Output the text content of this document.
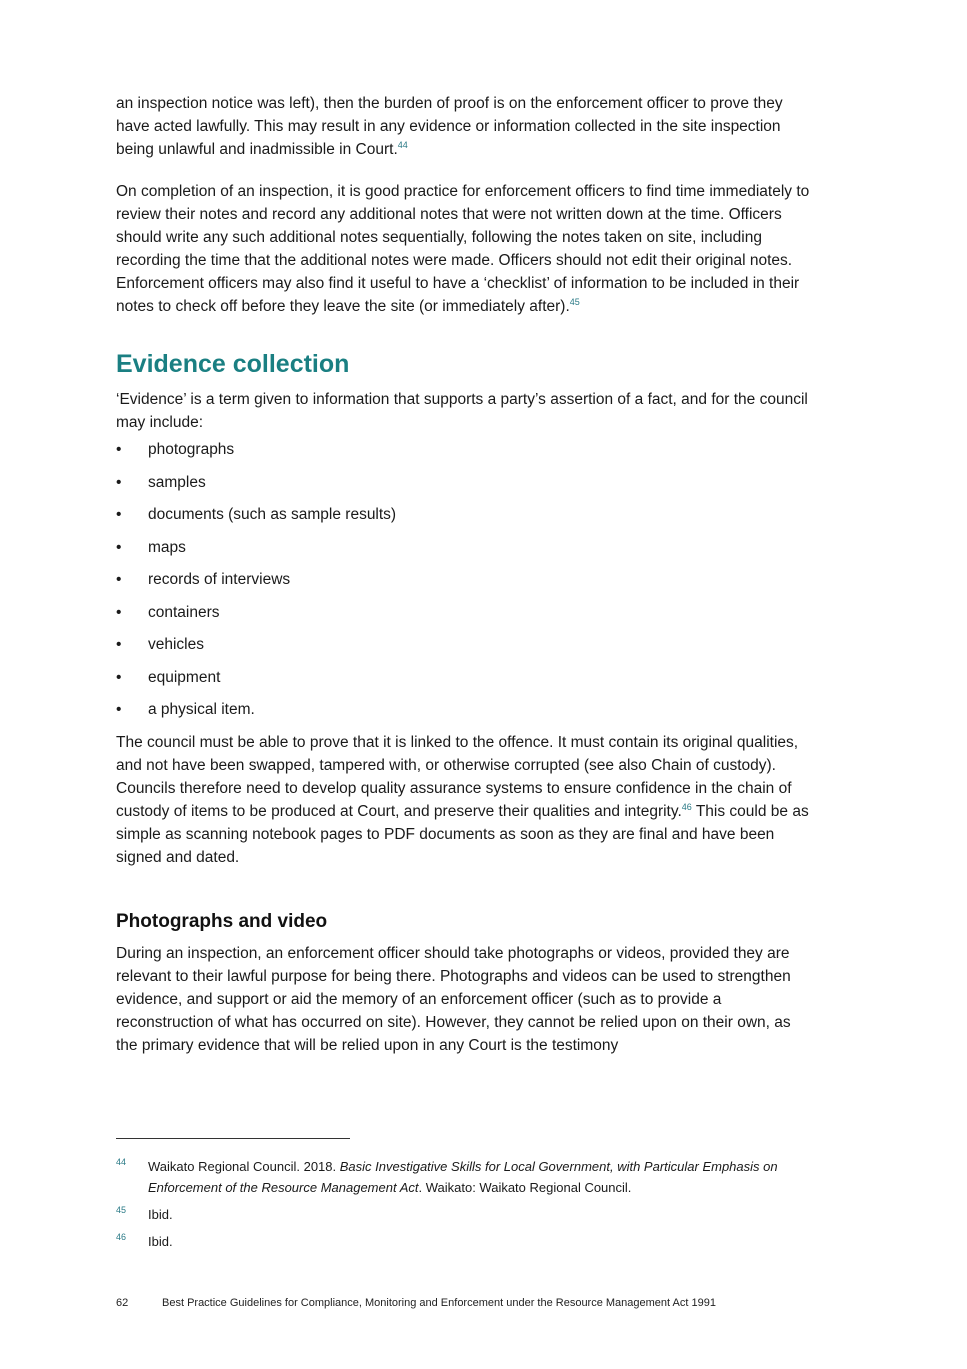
an inspection notice was left), then the burden of proof is on the enforcement officer to prove they have acted lawfully. This may result in any evidence or information collected in the site inspection being unlawful and inadmissible in Court.$^{44}$

On completion of an inspection, it is good practice for enforcement officers to find time immediately to review their notes and record any additional notes that were not written down at the time. Officers should write any such additional notes sequentially, following the notes taken on site, including recording the time that the additional notes were made. Officers should not edit their original notes. Enforcement officers may also find it useful to have a ‘checklist’ of information to be included in their notes to check off before they leave the site (or immediately after).$^{45}$

Evidence collection

‘Evidence’ is a term given to information that supports a party’s assertion of a fact, and for the council may include:

• photographs
• samples
• documents (such as sample results)
• maps
• records of interviews
• containers
• vehicles
• equipment
• a physical item.

The council must be able to prove that it is linked to the offence. It must contain its original qualities, and not have been swapped, tampered with, or otherwise corrupted (see also Chain of custody). Councils therefore need to develop quality assurance systems to ensure confidence in the chain of custody of items to be produced at Court, and preserve their qualities and integrity.$^{46}$ This could be as simple as scanning notebook pages to PDF documents as soon as they are final and have been signed and dated.

Photographs and video

During an inspection, an enforcement officer should take photographs or videos, provided they are relevant to their lawful purpose for being there. Photographs and videos can be used to strengthen evidence, and support or aid the memory of an enforcement officer (such as to provide a reconstruction of what has occurred on site). However, they cannot be relied upon on their own, as the primary evidence that will be relied upon in any Court is the testimony

44 Waikato Regional Council. 2018. Basic Investigative Skills for Local Government, with Particular Emphasis on Enforcement of the Resource Management Act. Waikato: Waikato Regional Council.
45 Ibid.
46 Ibid.
62	Best Practice Guidelines for Compliance, Monitoring and Enforcement under the Resource Management Act 1991
